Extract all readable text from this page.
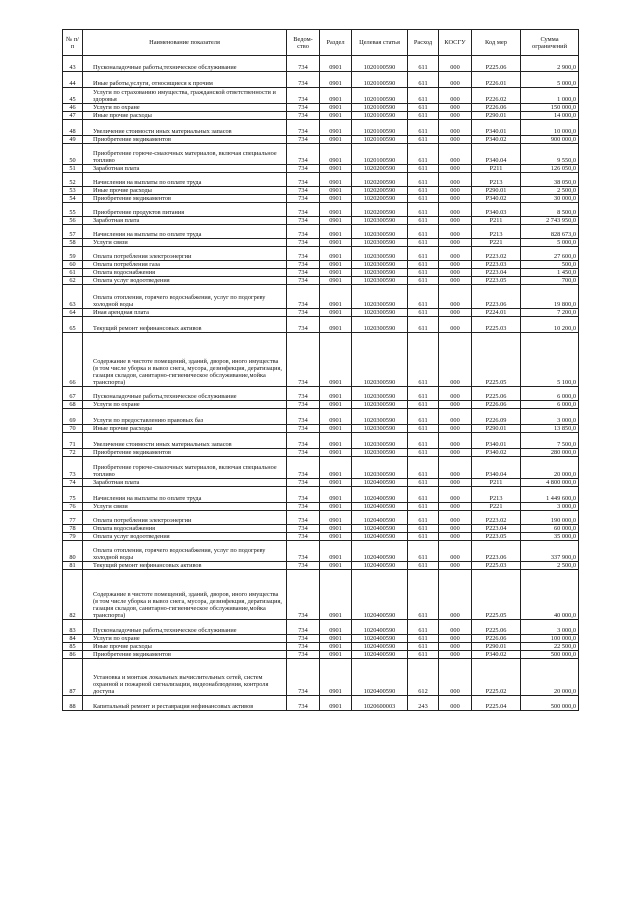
№ п/п	Наименование показателя	Ведом-ство	Раздел	Целевая статья	Расход	КОСГУ	Код мер	Сумма ограничений
43	Пусконаладочные работы,техническое обслуживание	734	0901	1020100590	611	000	Р225.06	2 900,0
44	Иные работы,услуги, относящиеся к прочим	734	0901	1020100590	611	000	Р226.01	5 000,0
45	Услуги по страхованию имущества, гражданской ответственности и здоровья	734	0901	1020100590	611	000	Р226.02	1 000,0
46	Услуги по охране	734	0901	1020100590	611	000	Р226.06	150 000,0
47	Иные прочие расходы	734	0901	1020100590	611	000	Р290.01	14 000,0
48	Увеличение стоимости иных материальных запасов	734	0901	1020100590	611	000	Р340.01	10 000,0
49	Приобретение медикаментов	734	0901	1020100590	611	000	Р340.02	900 000,0
50	Приобретение горюче-смазочных материалов, включая специальное топливо	734	0901	1020100590	611	000	Р340.04	9 550,0
51	Заработная плата	734	0901	1020200590	611	000	Р211	126 050,0
52	Начисления на выплаты по оплате труда	734	0901	1020200590	611	000	Р213	38 050,0
53	Иные прочие расходы	734	0901	1020200590	611	000	Р290.01	2 500,0
54	Приобретение медикаментов	734	0901	1020200590	611	000	Р340.02	30 000,0
55	Приобретение продуктов питания	734	0901	1020200590	611	000	Р340.03	8 500,0
56	Заработная плата	734	0901	1020300590	611	000	Р211	2 743 950,0
57	Начисления на выплаты по оплате труда	734	0901	1020300590	611	000	Р213	828 673,0
58	Услуги связи	734	0901	1020300590	611	000	Р221	5 000,0
59	Оплата потребления электроэнергии	734	0901	1020300590	611	000	Р223.02	27 600,0
60	Оплата потребления газа	734	0901	1020300590	611	000	Р223.03	500,0
61	Оплата водоснабжения	734	0901	1020300590	611	000	Р223.04	1 450,0
62	Оплата услуг водоотведения	734	0901	1020300590	611	000	Р223.05	700,0
63	Оплата отопления, горячего водоснабжения, услуг по подогреву холодной воды	734	0901	1020300590	611	000	Р223.06	19 800,0
64	Иная арендная плата	734	0901	1020300590	611	000	Р224.01	7 200,0
65	Текущий ремонт нефинансовых активов	734	0901	1020300590	611	000	Р225.03	10 200,0
66	Содержание в чистоте помещений, зданий, дворов, иного имущества (в том числе уборка и вывоз снега, мусора, дезинфекция, дератизация, газация складов, санитарно-гигиеническое обслуживание,мойка транспорта)	734	0901	1020300590	611	000	Р225.05	5 100,0
67	Пусконаладочные работы,техническое обслуживание	734	0901	1020300590	611	000	Р225.06	6 000,0
68	Услуги по охране	734	0901	1020300590	611	000	Р226.06	6 000,0
69	Услуги по предоставлению правовых баз	734	0901	1020300590	611	000	Р226.09	3 000,0
70	Иные прочие расходы	734	0901	1020300590	611	000	Р290.01	13 850,0
71	Увеличение стоимости иных материальных запасов	734	0901	1020300590	611	000	Р340.01	7 500,0
72	Приобретение медикаментов	734	0901	1020300590	611	000	Р340.02	280 000,0
73	Приобретение горюче-смазочных материалов, включая специальное топливо	734	0901	1020300590	611	000	Р340.04	20 000,0
74	Заработная плата	734	0901	1020400590	611	000	Р211	4 800 000,0
75	Начисления на выплаты по оплате труда	734	0901	1020400590	611	000	Р213	1 449 600,0
76	Услуги связи	734	0901	1020400590	611	000	Р221	3 000,0
77	Оплата потребления электроэнергии	734	0901	1020400590	611	000	Р223.02	190 000,0
78	Оплата водоснабжения	734	0901	1020400590	611	000	Р223.04	60 000,0
79	Оплата услуг водоотведения	734	0901	1020400590	611	000	Р223.05	35 000,0
80	Оплата отопления, горячего водоснабжения, услуг по подогреву холодной воды	734	0901	1020400590	611	000	Р223.06	337 900,0
81	Текущий ремонт нефинансовых активов	734	0901	1020400590	611	000	Р225.03	2 500,0
82	Содержание в чистоте помещений, зданий, дворов, иного имущества (в том числе уборка и вывоз снега, мусора, дезинфекция, дератизация, газация складов, санитарно-гигиеническое обслуживание,мойка транспорта)	734	0901	1020400590	611	000	Р225.05	40 000,0
83	Пусконаладочные работы,техническое обслуживание	734	0901	1020400590	611	000	Р225.06	3 000,0
84	Услуги по охране	734	0901	1020400590	611	000	Р226.06	100 000,0
85	Иные прочие расходы	734	0901	1020400590	611	000	Р290.01	22 500,0
86	Приобретение медикаментов	734	0901	1020400590	611	000	Р340.02	500 000,0
87	Установка и монтаж локальных вычислительных сетей, систем охранной и пожарной сигнализации, видеонаблюдения, контроля доступа	734	0901	1020400590	612	000	Р225.02	20 000,0
88	Капитальный ремонт и реставрация нефинансовых активов	734	0901	1020600003	243	000	Р225.04	500 000,0
